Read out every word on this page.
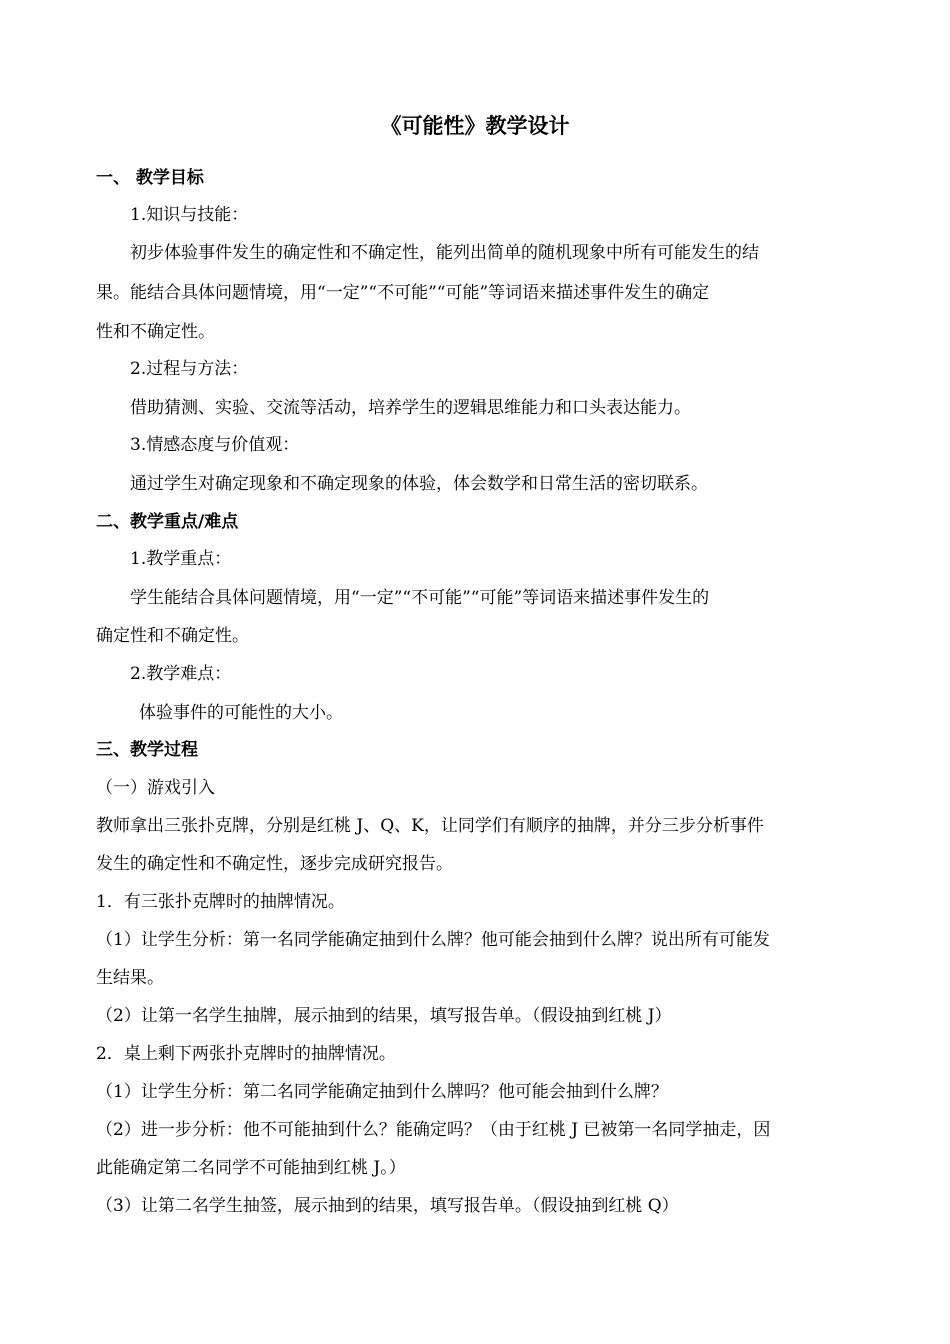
《可能性》教学设计
一、 教学目标
1.知识与技能：
初步体验事件发生的确定性和不确定性，能列出简单的随机现象中所有可能发生的结
果。能结合具体问题情境，用“一定”“不可能”“可能”等词语来描述事件发生的确定
性和不确定性。
2.过程与方法：
借助猜测、实验、交流等活动，培养学生的逻辑思维能力和口头表达能力。
3.情感态度与价值观：
通过学生对确定现象和不确定现象的体验，体会数学和日常生活的密切联系。
二、教学重点/难点
1.教学重点：
学生能结合具体问题情境，用“一定”“不可能”“可能”等词语来描述事件发生的
确定性和不确定性。
2.教学难点：
体验事件的可能性的大小。
三、教学过程
（一）游戏引入
教师拿出三张扑克牌，分别是红桃 J、Q、K，让同学们有顺序的抽牌，并分三步分析事件
发生的确定性和不确定性，逐步完成研究报告。
1．有三张扑克牌时的抽牌情况。
（1）让学生分析：第一名同学能确定抽到什么牌？他可能会抽到什么牌？说出所有可能发
生结果。
（2）让第一名学生抽牌，展示抽到的结果，填写报告单。（假设抽到红桃 J）
2．桌上剩下两张扑克牌时的抽牌情况。
（1）让学生分析：第二名同学能确定抽到什么牌吗？他可能会抽到什么牌？
（2）进一步分析：他不可能抽到什么？能确定吗？（由于红桃 J 已被第一名同学抽走，因
此能确定第二名同学不可能抽到红桃 J。）
（3）让第二名学生抽签，展示抽到的结果，填写报告单。（假设抽到红桃 Q）
